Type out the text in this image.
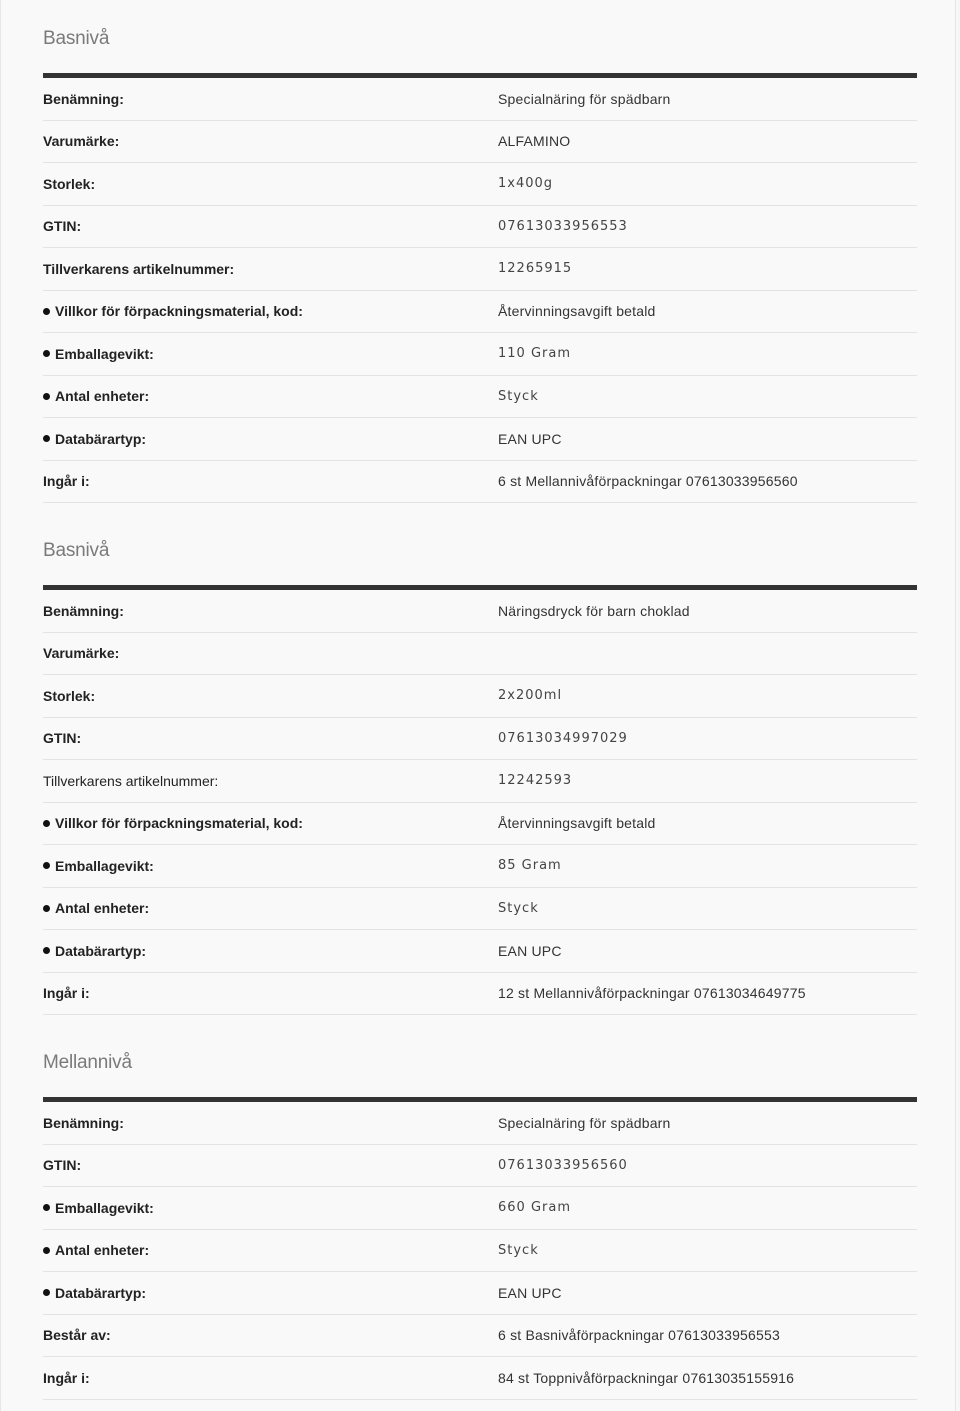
Basnivå
Benämning:	Specialnäring för spädbarn
Varumärke:	ALFAMINO
Storlek:	1x400g
GTIN:	07613033956553
Tillverkarens artikelnummer:	12265915
Villkor för förpackningsmaterial, kod:	Återvinningsavgift betald
Emballagevikt:	110 Gram
Antal enheter:	Styck
Databärartyp:	EAN UPC
Ingår i:	6 st Mellannivåförpackningar 07613033956560
Basnivå
Benämning:	Näringsdryck för barn choklad
Varumärke:
Storlek:	2x200ml
GTIN:	07613034997029
Tillverkarens artikelnummer:	12242593
Villkor för förpackningsmaterial, kod:	Återvinningsavgift betald
Emballagevikt:	85 Gram
Antal enheter:	Styck
Databärartyp:	EAN UPC
Ingår i:	12 st Mellannivåförpackningar 07613034649775
Mellannivå
Benämning:	Specialnäring för spädbarn
GTIN:	07613033956560
Emballagevikt:	660 Gram
Antal enheter:	Styck
Databärartyp:	EAN UPC
Består av:	6 st Basnivåförpackningar 07613033956553
Ingår i:	84 st Toppnivåförpackningar 07613035155916
